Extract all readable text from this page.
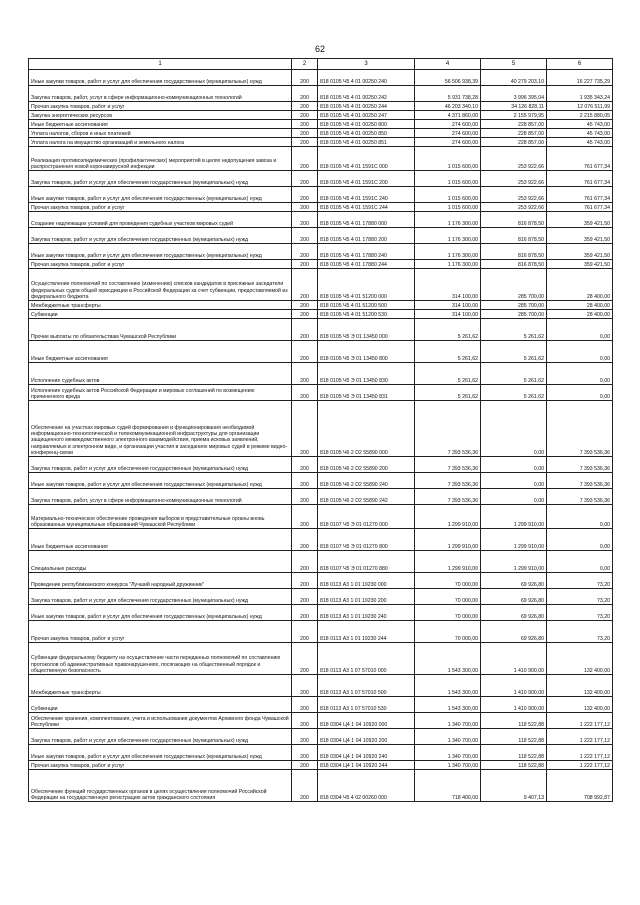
62
1	2	3	4	5	6
Иные закупки товаров, работ и услуг для обеспечения государственных (муниципальных) нужд	200	818 0105 Ч5 4 01 00250 240	56 506 938,39	40 279 203,10	16 227 735,29
Закупка товаров, работ, услуг в сфере информационно-коммуникационных технологий	200	818 0105 Ч5 4 01 00250 242	5 931 738,28	3 996 395,04	1 935 343,24
Прочая закупка товаров, работ и услуг	200	818 0105 Ч5 4 01 00250 244	46 203 340,10	34 126 828,11	12 076 511,99
Закупка энергетических ресурсов	200	818 0105 Ч5 4 01 00250 247	4 371 860,00	2 155 979,95	2 215 880,05
Иные бюджетные ассигнования	200	818 0105 Ч5 4 01 00250 800	274 600,00	228 857,00	45 743,00
Уплата налогов, сборов и иных платежей	200	818 0105 Ч5 4 01 00250 850	274 600,00	228 857,00	45 743,00
Уплата налога на имущество организаций и земельного налога	200	818 0105 Ч5 4 01 00250 851	274 600,00	228 857,00	45 743,00
Реализация противоэпидемических (профилактических) мероприятий в целях недопущения завоза и распространения новой коронавирусной инфекции	200	818 0105 Ч5 4 01 1591С 000	1 015 600,00	253 922,66	761 677,34
Закупка товаров, работ и услуг для обеспечения государственных (муниципальных) нужд	200	818 0105 Ч5 4 01 1591С 200	1 015 600,00	253 922,66	761 677,34
Иные закупки товаров, работ и услуг для обеспечения государственных (муниципальных) нужд	200	818 0105 Ч5 4 01 1591С 240	1 015 600,00	253 922,66	761 677,34
Прочая закупка товаров, работ и услуг	200	818 0105 Ч5 4 01 1591С 244	1 015 600,00	253 922,66	761 677,34
Создание надлежащих условий для проведения судебных участков мировых судей	200	818 0105 Ч5 4 01 17880 000	1 176 300,00	816 878,50	359 421,50
Закупка товаров, работ и услуг для обеспечения государственных (муниципальных) нужд	200	818 0105 Ч5 4 01 17880 200	1 176 300,00	816 878,50	359 421,50
Иные закупки товаров, работ и услуг для обеспечения государственных (муниципальных) нужд	200	818 0105 Ч5 4 01 17880 240	1 176 300,00	816 878,50	359 421,50
Прочая закупка товаров, работ и услуг	200	818 0105 Ч5 4 01 17880 244	1 176 300,00	816 878,50	359 421,50
Осуществление полномочий по составлению (изменению) списков кандидатов в присяжные заседатели федеральных судов общей юрисдикции в Российской Федерации за счет субвенции, предоставляемой из федерального бюджета	200	818 0105 Ч5 4 01 51200 000	314 100,00	285 700,00	28 400,00
Межбюджетные трансферты	200	818 0105 Ч5 4 01 51200 500	314 100,00	285 700,00	28 400,00
Субвенции	200	818 0105 Ч5 4 01 51200 530	314 100,00	285 700,00	28 400,00
Прочие выплаты по обязательствам Чувашской Республики	200	818 0105 Ч5 Э 01 13450 000	5 261,62	5 261,62	0,00
Иные бюджетные ассигнования	200	818 0105 Ч5 Э 01 13450 800	5 261,62	5 261,62	0,00
Исполнение судебных актов	200	818 0105 Ч5 Э 01 13450 830	5 261,62	5 261,62	0,00
Исполнение судебных актов Российской Федерации и мировых соглашений по возмещению причиненного вреда	200	818 0105 Ч5 Э 01 13450 831	5 261,62	5 261,62	0,00
Обеспечение на участках мировых судей формирования и функционирования необходимой информационно-технологической и телекоммуникационной инфраструктуры для организации защищенного межведомственного электронного взаимодействия, приема исковых заявлений, направляемых в электронном виде, и организации участия в заседаниях мировых судей в режиме видео-конференц-связи	200	818 0105 Ч6 2 D2 55890 000	7 393 536,36	0,00	7 393 536,36
Закупка товаров, работ и услуг для обеспечения государственных (муниципальных) нужд	200	818 0105 Ч6 2 D2 55890 200	7 393 536,36	0,00	7 393 536,36
Иные закупки товаров, работ и услуг для обеспечения государственных (муниципальных) нужд	200	818 0105 Ч6 2 D2 55890 240	7 393 536,36	0,00	7 393 536,36
Закупка товаров, работ, услуг в сфере информационно-коммуникационных технологий	200	818 0105 Ч6 2 D2 55890 242	7 393 536,36	0,00	7 393 536,36
Материально-техническое обеспечение проведения выборов в представительные органы вновь образованных муниципальных образований Чувашской Республики	200	818 0107 Ч5 Э 01 01270 000	1 299 910,00	1 299 910,00	0,00
Иные бюджетные ассигнования	200	818 0107 Ч5 Э 01 01270 800	1 299 910,00	1 299 910,00	0,00
Специальные расходы	200	818 0107 Ч5 Э 01 01270 880	1 299 910,00	1 299 910,00	0,00
Проведение республиканского конкурса "Лучший народный дружинник"	200	818 0113 А3 1 01 19230 000	70 000,00	69 926,80	73,20
Закупка товаров, работ и услуг для обеспечения государственных (муниципальных) нужд	200	818 0113 А3 1 01 19230 200	70 000,00	69 926,80	73,20
Иные закупки товаров, работ и услуг для обеспечения государственных (муниципальных) нужд	200	818 0113 А3 1 01 19230 240	70 000,00	69 926,80	73,20
Прочая закупка товаров, работ и услуг	200	818 0113 А3 1 01 19230 244	70 000,00	69 926,80	73,20
Субвенции федеральному бюджету на осуществление части переданных полномочий по составлению протоколов об административных правонарушениях, посягающих на общественный порядок и общественную безопасность	200	818 0113 А3 1 07 57010 000	1 543 300,00	1 410 900,00	132 400,00
Межбюджетные трансферты	200	818 0113 А3 1 07 57010 500	1 543 300,00	1 410 900,00	132 400,00
Субвенции	200	818 0113 А3 1 07 57010 530	1 543 300,00	1 410 900,00	132 400,00
Обеспечение хранения, комплектования, учета и использования документов Архивного фонда Чувашской Республики	200	818 0304 Ц4 1 04 10920 000	1 340 700,00	118 522,88	1 222 177,12
Закупка товаров, работ и услуг для обеспечения государственных (муниципальных) нужд	200	818 0304 Ц4 1 04 10920 200	1 340 700,00	118 522,88	1 222 177,12
Иные закупки товаров, работ и услуг для обеспечения государственных (муниципальных) нужд	200	818 0304 Ц4 1 04 10920 240	1 340 700,00	118 522,88	1 222 177,12
Прочая закупка товаров, работ и услуг	200	818 0304 Ц4 1 04 10920 244	1 340 700,00	118 522,88	1 222 177,12
Обеспечение функций государственных органов в целях осуществления полномочий Российской Федерации на государственную регистрацию актов гражданского состояния	200	818 0304 Ч5 4 02 00260 000	718 400,00	9 407,13	708 992,87
